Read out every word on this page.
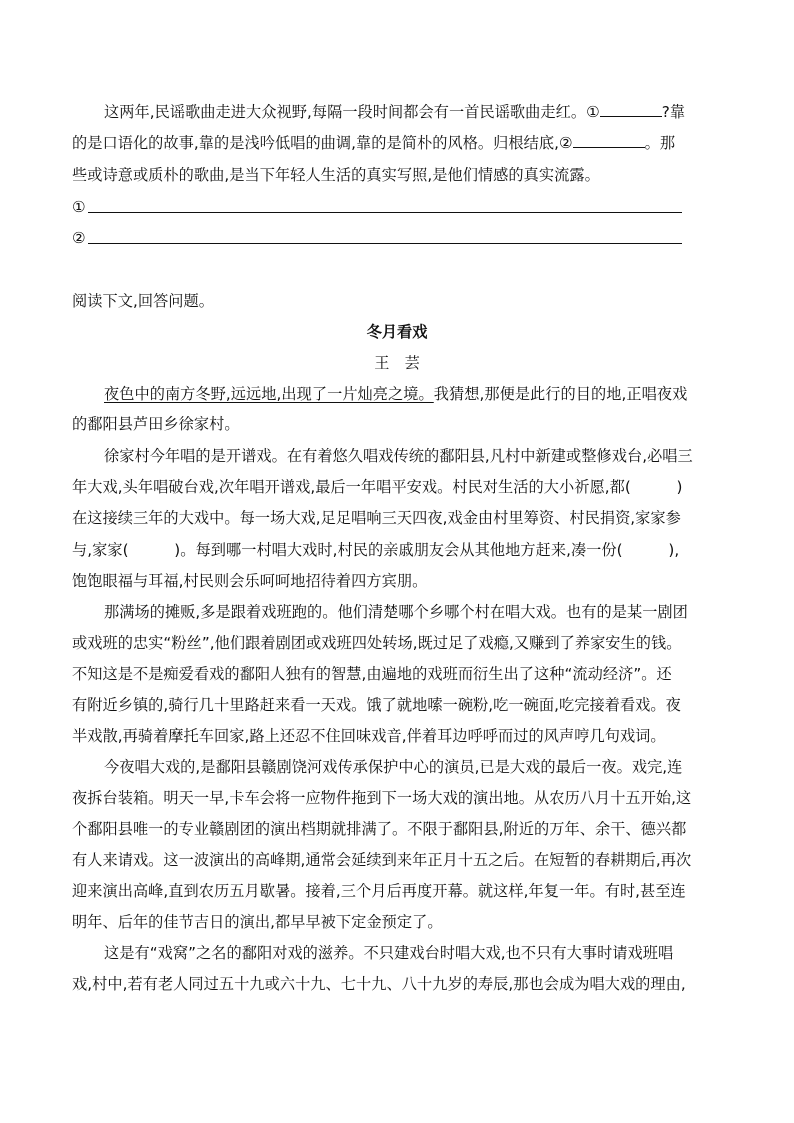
这两年,民谣歌曲走进大众视野,每隔一段时间都会有一首民谣歌曲走红。①	?靠
的是口语化的故事,靠的是浅吟低唱的曲调,靠的是简朴的风格。归根结底,②	。那
些或诗意或质朴的歌曲,是当下年轻人生活的真实写照,是他们情感的真实流露。
①
②
阅读下文,回答问题。
冬月看戏
王　芸
夜色中的南方冬野,远远地,出现了一片灿亮之境。我猜想,那便是此行的目的地,正唱夜戏
的鄱阳县芦田乡徐家村。
徐家村今年唱的是开谱戏。在有着悠久唱戏传统的鄱阳县,凡村中新建或整修戏台,必唱三
年大戏,头年唱破台戏,次年唱开谱戏,最后一年唱平安戏。村民对生活的大小祈愿,都(　　　)
在这接续三年的大戏中。每一场大戏,足足唱响三天四夜,戏金由村里筹资、村民捐资,家家参
与,家家(　　　)。每到哪一村唱大戏时,村民的亲戚朋友会从其他地方赶来,凑一份(　　　),
饱饱眼福与耳福,村民则会乐呵呵地招待着四方宾朋。
那满场的摊贩,多是跟着戏班跑的。他们清楚哪个乡哪个村在唱大戏。也有的是某一剧团
或戏班的忠实“粉丝”,他们跟着剧团或戏班四处转场,既过足了戏瘾,又赚到了养家安生的钱。
不知这是不是痴爱看戏的鄱阳人独有的智慧,由遍地的戏班而衍生出了这种“流动经济”。还
有附近乡镇的,骑行几十里路赶来看一天戏。饿了就地嗦一碗粉,吃一碗面,吃完接着看戏。夜
半戏散,再骑着摩托车回家,路上还忍不住回味戏音,伴着耳边呼呼而过的风声哼几句戏词。
今夜唱大戏的,是鄱阳县赣剧饶河戏传承保护中心的演员,已是大戏的最后一夜。戏完,连
夜拆台装箱。明天一早,卡车会将一应物件拖到下一场大戏的演出地。从农历八月十五开始,这
个鄱阳县唯一的专业赣剧团的演出档期就排满了。不限于鄱阳县,附近的万年、余干、德兴都
有人来请戏。这一波演出的高峰期,通常会延续到来年正月十五之后。在短暂的春耕期后,再次
迎来演出高峰,直到农历五月歇暑。接着,三个月后再度开幕。就这样,年复一年。有时,甚至连
明年、后年的佳节吉日的演出,都早早被下定金预定了。
这是有“戏窝”之名的鄱阳对戏的滋养。不只建戏台时唱大戏,也不只有大事时请戏班唱
戏,村中,若有老人同过五十九或六十九、七十九、八十九岁的寿辰,那也会成为唱大戏的理由,
